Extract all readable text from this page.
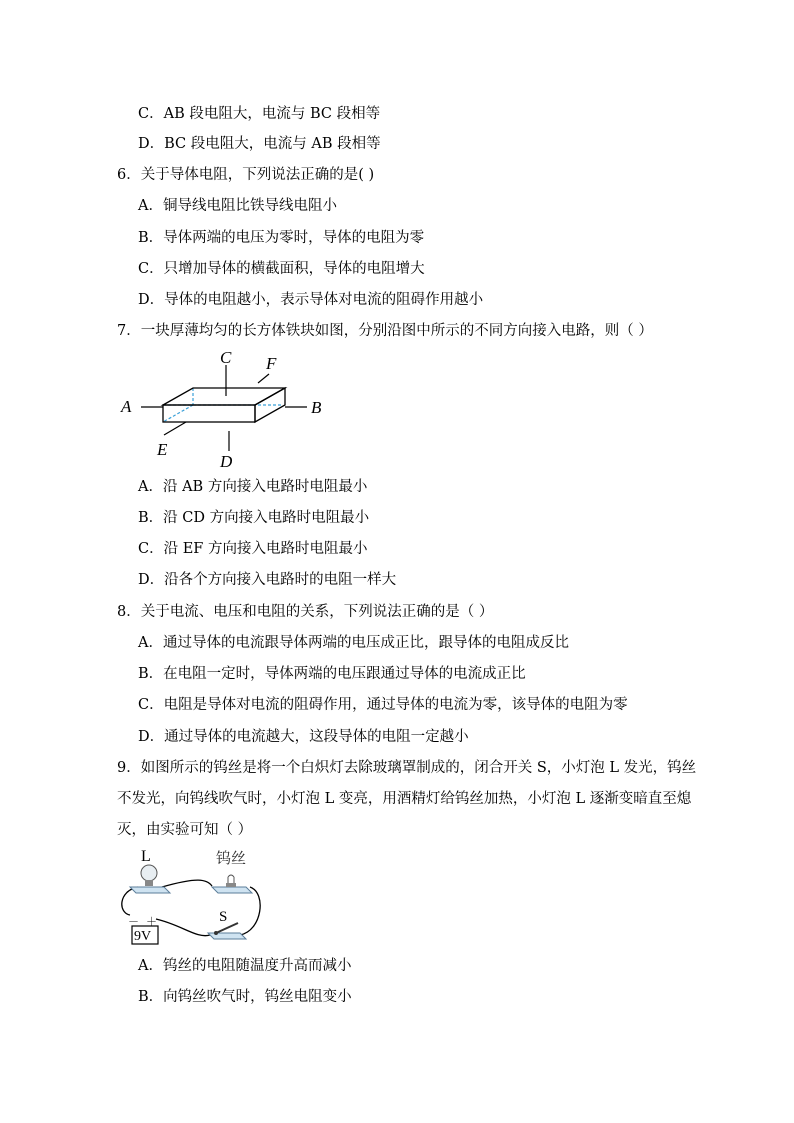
C．AB 段电阻大，电流与 BC 段相等
D．BC 段电阻大，电流与 AB 段相等
6．关于导体电阻，下列说法正确的是( )
A．铜导线电阻比铁导线电阻小
B．导体两端的电压为零时，导体的电阻为零
C．只增加导体的横截面积，导体的电阻增大
D．导体的电阻越小，表示导体对电流的阻碍作用越小
7．一块厚薄均匀的长方体铁块如图，分别沿图中所示的不同方向接入电路，则（ ）
A	B
C
D
E
F
A．沿 AB 方向接入电路时电阻最小
B．沿 CD 方向接入电路时电阻最小
C．沿 EF 方向接入电路时电阻最小
D．沿各个方向接入电路时的电阻一样大
8．关于电流、电压和电阻的关系，下列说法正确的是（ ）
A．通过导体的电流跟导体两端的电压成正比，跟导体的电阻成反比
B．在电阻一定时，导体两端的电压跟通过导体的电流成正比
C．电阻是导体对电流的阻碍作用，通过导体的电流为零，该导体的电阻为零
D．通过导体的电流越大，这段导体的电阻一定越小
9．如图所示的钨丝是将一个白炽灯去除玻璃罩制成的，闭合开关 S，小灯泡 L 发光，钨丝
不发光，向钨线吹气时，小灯泡 L 变亮，用酒精灯给钨丝加热，小灯泡 L 逐渐变暗直至熄
灭，由实验可知（ ）
L	钨丝
S
9V
－ ＋
A．钨丝的电阻随温度升高而减小
B．向钨丝吹气时，钨丝电阻变小
